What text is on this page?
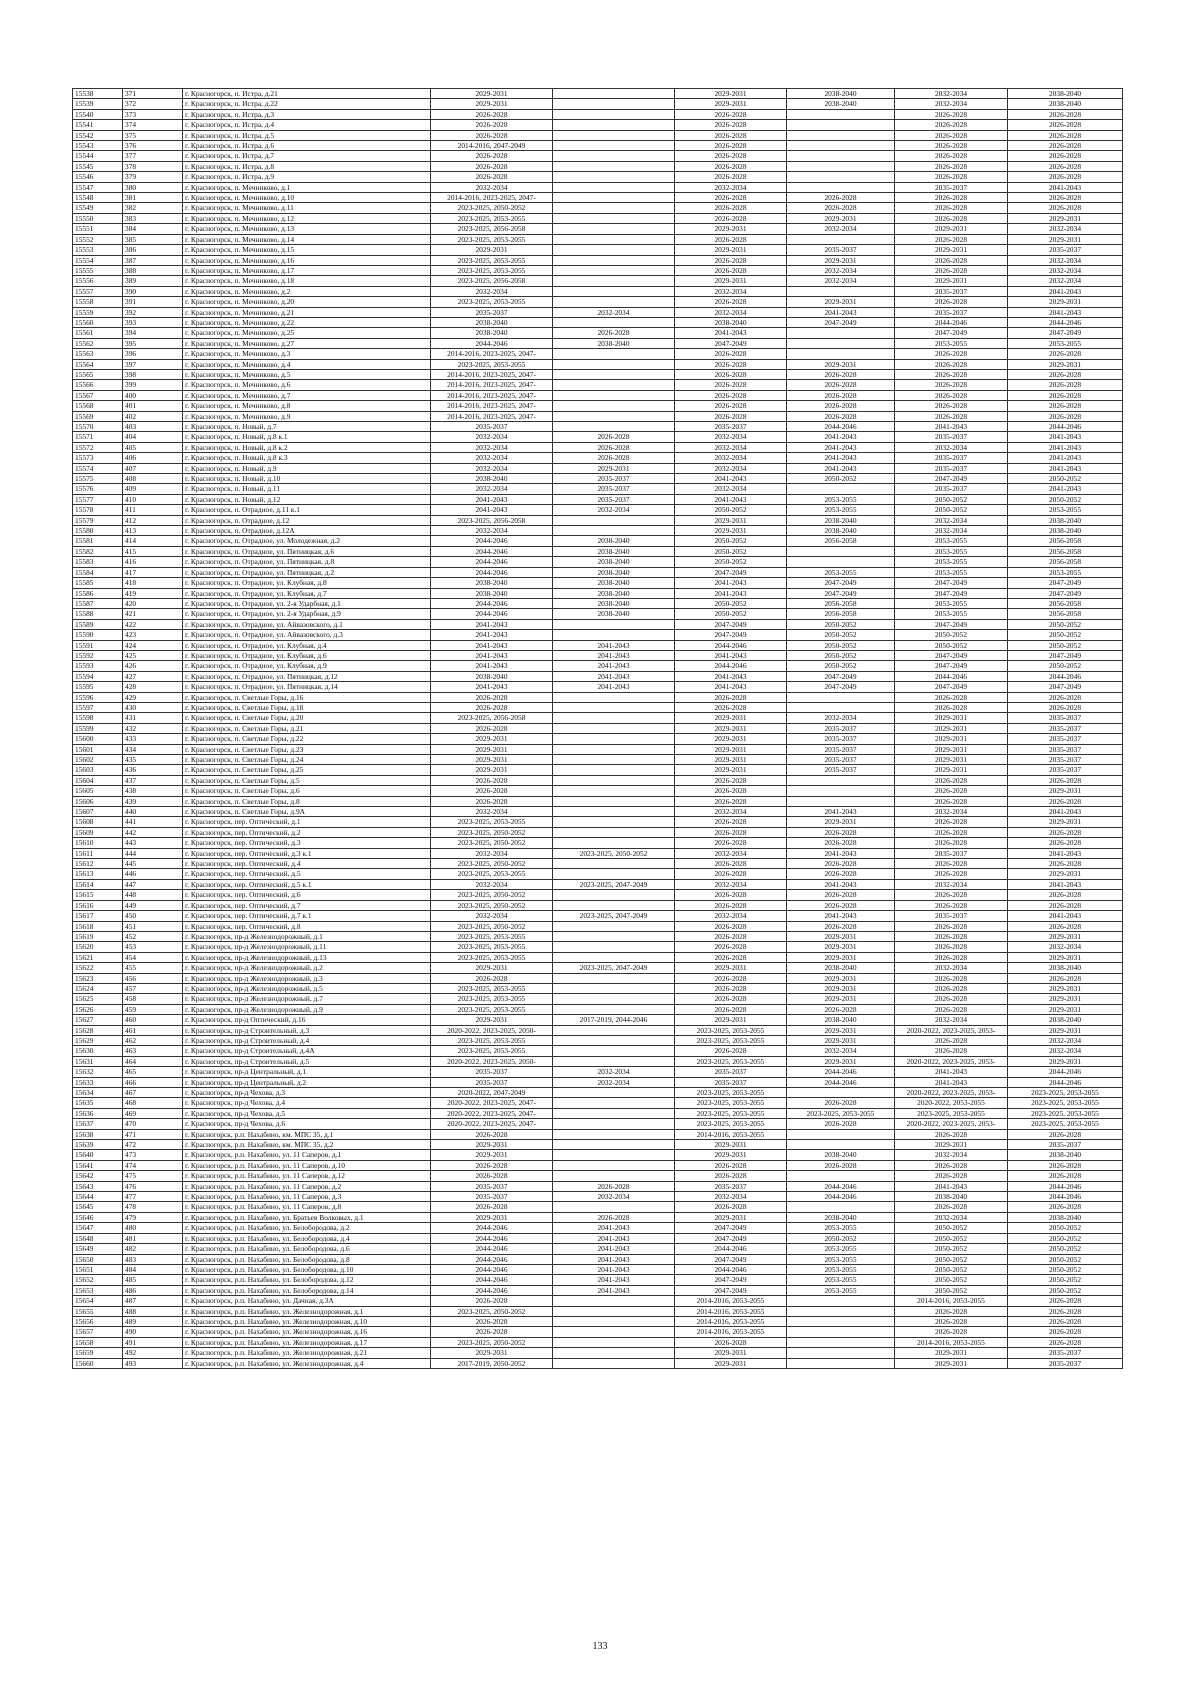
15538	371	г. Красногорск, п. Истра, д.21	2029-2031		2029-2031	2038-2040	2032-2034	2038-2040
15539	372	г. Красногорск, п. Истра, д.22	2029-2031		2029-2031	2038-2040	2032-2034	2038-2040
15540	373	г. Красногорск, п. Истра, д.3	2026-2028		2026-2028		2026-2028	2026-2028
15541	374	г. Красногорск, п. Истра, д.4	2026-2028		2026-2028		2026-2028	2026-2028
15542	375	г. Красногорск, п. Истра, д.5	2026-2028		2026-2028		2026-2028	2026-2028
15543	376	г. Красногорск, п. Истра, д.6	2014-2016, 2047-2049		2026-2028		2026-2028	2026-2028
15544	377	г. Красногорск, п. Истра, д.7	2026-2028		2026-2028		2026-2028	2026-2028
15545	378	г. Красногорск, п. Истра, д.8	2026-2028		2026-2028		2026-2028	2026-2028
15546	379	г. Красногорск, п. Истра, д.9	2026-2028		2026-2028		2026-2028	2026-2028
15547	380	г. Красногорск, п. Мечниково, д.1	2032-2034		2032-2034		2035-2037	2041-2043
15548	381	г. Красногорск, п. Мечниково, д.10	2014-2016, 2023-2025, 2047-		2026-2028	2026-2028	2026-2028	2026-2028
15549	382	г. Красногорск, п. Мечниково, д.11	2023-2025, 2050-2052		2026-2028	2026-2028	2026-2028	2026-2028
15550	383	г. Красногорск, п. Мечниково, д.12	2023-2025, 2053-2055		2026-2028	2029-2031	2026-2028	2029-2031
15551	384	г. Красногорск, п. Мечниково, д.13	2023-2025, 2056-2058		2029-2031	2032-2034	2029-2031	2032-2034
15552	385	г. Красногорск, п. Мечниково, д.14	2023-2025, 2053-2055		2026-2028		2026-2028	2029-2031
15553	386	г. Красногорск, п. Мечниково, д.15	2029-2031		2029-2031	2035-2037	2029-2031	2035-2037
15554	387	г. Красногорск, п. Мечниково, д.16	2023-2025, 2053-2055		2026-2028	2029-2031	2026-2028	2032-2034
15555	388	г. Красногорск, п. Мечниково, д.17	2023-2025, 2053-2055		2026-2028	2032-2034	2026-2028	2032-2034
15556	389	г. Красногорск, п. Мечниково, д.18	2023-2025, 2056-2058		2029-2031	2032-2034	2029-2031	2032-2034
15557	390	г. Красногорск, п. Мечниково, д.2	2032-2034		2032-2034		2035-2037	2041-2043
15558	391	г. Красногорск, п. Мечниково, д.20	2023-2025, 2053-2055		2026-2028	2029-2031	2026-2028	2029-2031
15559	392	г. Красногорск, п. Мечниково, д.21	2035-2037	2032-2034	2032-2034	2041-2043	2035-2037	2041-2043
15560	393	г. Красногорск, п. Мечниково, д.22	2038-2040		2038-2040	2047-2049	2044-2046	2044-2046
15561	394	г. Красногорск, п. Мечниково, д.25	2038-2040	2026-2028	2041-2043		2047-2049	2047-2049
15562	395	г. Красногорск, п. Мечниково, д.27	2044-2046	2038-2040	2047-2049		2053-2055	2053-2055
15563	396	г. Красногорск, п. Мечниково, д.3	2014-2016, 2023-2025, 2047-		2026-2028		2026-2028	2026-2028
15564	397	г. Красногорск, п. Мечниково, д.4	2023-2025, 2053-2055		2026-2028	2029-2031	2026-2028	2029-2031
15565	398	г. Красногорск, п. Мечниково, д.5	2014-2016, 2023-2025, 2047-		2026-2028	2026-2028	2026-2028	2026-2028
15566	399	г. Красногорск, п. Мечниково, д.6	2014-2016, 2023-2025, 2047-		2026-2028	2026-2028	2026-2028	2026-2028
15567	400	г. Красногорск, п. Мечниково, д.7	2014-2016, 2023-2025, 2047-		2026-2028	2026-2028	2026-2028	2026-2028
15568	401	г. Красногорск, п. Мечниково, д.8	2014-2016, 2023-2025, 2047-		2026-2028	2026-2028	2026-2028	2026-2028
15569	402	г. Красногорск, п. Мечниково, д.9	2014-2016, 2023-2025, 2047-		2026-2028	2026-2028	2026-2028	2026-2028
15570	403	г. Красногорск, п. Новый, д.7	2035-2037		2035-2037	2044-2046	2041-2043	2044-2046
15571	404	г. Красногорск, п. Новый, д.8 к.1	2032-2034	2026-2028	2032-2034	2041-2043	2035-2037	2041-2043
15572	405	г. Красногорск, п. Новый, д.8 к.2	2032-2034	2026-2028	2032-2034	2041-2043	2032-2034	2041-2043
15573	406	г. Красногорск, п. Новый, д.8 к.3	2032-2034	2026-2028	2032-2034	2041-2043	2035-2037	2041-2043
15574	407	г. Красногорск, п. Новый, д.9	2032-2034	2029-2031	2032-2034	2041-2043	2035-2037	2041-2043
15575	408	г. Красногорск, п. Новый, д.10	2038-2040	2035-2037	2041-2043	2050-2052	2047-2049	2050-2052
15576	409	г. Красногорск, п. Новый, д.11	2032-2034	2035-2037	2032-2034		2035-2037	2041-2043
15577	410	г. Красногорск, п. Новый, д.12	2041-2043	2035-2037	2041-2043	2053-2055	2050-2052	2050-2052
15578	411	г. Красногорск, п. Отрадное, д.11 к.1	2041-2043	2032-2034	2050-2052	2053-2055	2050-2052	2053-2055
15579	412	г. Красногорск, п. Отрадное, д.12	2023-2025, 2056-2058		2029-2031	2038-2040	2032-2034	2038-2040
15580	413	г. Красногорск, п. Отрадное, д.12А	2032-2034		2029-2031	2038-2040	2032-2034	2038-2040
15581	414	г. Красногорск, п. Отрадное, ул. Молодежная, д.2	2044-2046	2038-2040	2050-2052	2056-2058	2053-2055	2056-2058
15582	415	г. Красногорск, п. Отрадное, ул. Пятницкая, д.6	2044-2046	2038-2040	2050-2052		2053-2055	2056-2058
15583	416	г. Красногорск, п. Отрадное, ул. Пятницкая, д.8	2044-2046	2038-2040	2050-2052		2053-2055	2056-2058
15584	417	г. Красногорск, п. Отрадное, ул. Пятницкая, д.2	2044-2046	2038-2040	2047-2049	2053-2055	2053-2055	2053-2055
15585	418	г. Красногорск, п. Отрадное, ул. Клубная, д.8	2038-2040	2038-2040	2041-2043	2047-2049	2047-2049	2047-2049
15586	419	г. Красногорск, п. Отрадное, ул. Клубная, д.7	2038-2040	2038-2040	2041-2043	2047-2049	2047-2049	2047-2049
15587	420	г. Красногорск, п. Отрадное, ул. 2-я Ударбная, д.1	2044-2046	2038-2040	2050-2052	2056-2058	2053-2055	2056-2058
15588	421	г. Красногорск, п. Отрадное, ул. 2-я Ударбная, д.9	2044-2046	2038-2040	2050-2052	2056-2058	2053-2055	2056-2058
15589	422	г. Красногорск, п. Отрадное, ул. Айвазовского, д.1	2041-2043		2047-2049	2050-2052	2047-2049	2050-2052
15590	423	г. Красногорск, п. Отрадное, ул. Айвазовского, д.3	2041-2043		2047-2049	2050-2052	2050-2052	2050-2052
15591	424	г. Красногорск, п. Отрадное, ул. Клубная, д.4	2041-2043	2041-2043	2044-2046	2050-2052	2050-2052	2050-2052
15592	425	г. Красногорск, п. Отрадное, ул. Клубная, д.6	2041-2043	2041-2043	2041-2043	2050-2052	2047-2049	2047-2049
15593	426	г. Красногорск, п. Отрадное, ул. Клубная, д.9	2041-2043	2041-2043	2044-2046	2050-2052	2047-2049	2050-2052
15594	427	г. Красногорск, п. Отрадное, ул. Пятницкая, д.12	2038-2040	2041-2043	2041-2043	2047-2049	2044-2046	2044-2046
15595	428	г. Красногорск, п. Отрадное, ул. Пятницкая, д.14	2041-2043	2041-2043	2041-2043	2047-2049	2047-2049	2047-2049
15596	429	г. Красногорск, п. Светлые Горы, д.16	2026-2028		2026-2028		2026-2028	2026-2028
15597	430	г. Красногорск, п. Светлые Горы, д.18	2026-2028		2026-2028		2026-2028	2026-2028
15598	431	г. Красногорск, п. Светлые Горы, д.20	2023-2025, 2056-2058		2029-2031	2032-2034	2029-2031	2035-2037
15599	432	г. Красногорск, п. Светлые Горы, д.21	2026-2028		2029-2031	2035-2037	2029-2031	2035-2037
15600	433	г. Красногорск, п. Светлые Горы, д.22	2029-2031		2029-2031	2035-2037	2029-2031	2035-2037
15601	434	г. Красногорск, п. Светлые Горы, д.23	2029-2031		2029-2031	2035-2037	2029-2031	2035-2037
15602	435	г. Красногорск, п. Светлые Горы, д.24	2029-2031		2029-2031	2035-2037	2029-2031	2035-2037
15603	436	г. Красногорск, п. Светлые Горы, д.25	2029-2031		2029-2031	2035-2037	2029-2031	2035-2037
15604	437	г. Красногорск, п. Светлые Горы, д.5	2026-2028		2026-2028		2026-2028	2026-2028
15605	438	г. Красногорск, п. Светлые Горы, д.6	2026-2028		2026-2028		2026-2028	2029-2031
15606	439	г. Красногорск, п. Светлые Горы, д.8	2026-2028		2026-2028		2026-2028	2026-2028
15607	440	г. Красногорск, п. Светлые Горы, д.9А	2032-2034		2032-2034	2041-2043	2032-2034	2041-2043
15608	441	г. Красногорск, пер. Оптический, д.1	2023-2025, 2053-2055		2026-2028	2029-2031	2026-2028	2029-2031
15609	442	г. Красногорск, пер. Оптический, д.2	2023-2025, 2050-2052		2026-2028	2026-2028	2026-2028	2026-2028
15610	443	г. Красногорск, пер. Оптический, д.3	2023-2025, 2050-2052		2026-2028	2026-2028	2026-2028	2026-2028
15611	444	г. Красногорск, пер. Оптический, д.3 к.1	2032-2034	2023-2025, 2050-2052	2032-2034	2041-2043	2035-2037	2041-2043
15612	445	г. Красногорск, пер. Оптический, д.4	2023-2025, 2050-2052		2026-2028	2026-2028	2026-2028	2026-2028
15613	446	г. Красногорск, пер. Оптический, д.5	2023-2025, 2053-2055		2026-2028	2026-2028	2026-2028	2029-2031
15614	447	г. Красногорск, пер. Оптический, д.5 к.1	2032-2034	2023-2025, 2047-2049	2032-2034	2041-2043	2032-2034	2041-2043
15615	448	г. Красногорск, пер. Оптический, д.6	2023-2025, 2050-2052		2026-2028	2026-2028	2026-2028	2026-2028
15616	449	г. Красногорск, пер. Оптический, д.7	2023-2025, 2050-2052		2026-2028	2026-2028	2026-2028	2026-2028
15617	450	г. Красногорск, пер. Оптический, д.7 к.1	2032-2034	2023-2025, 2047-2049	2032-2034	2041-2043	2035-2037	2041-2043
15618	451	г. Красногорск, пер. Оптический, д.8	2023-2025, 2050-2052		2026-2028	2026-2028	2026-2028	2026-2028
15619	452	г. Красногорск, пр-д Железнодорожный, д.1	2023-2025, 2053-2055		2026-2028	2029-2031	2026-2028	2029-2031
15620	453	г. Красногорск, пр-д Железнодорожный, д.11	2023-2025, 2053-2055		2026-2028	2029-2031	2026-2028	2032-2034
15621	454	г. Красногорск, пр-д Железнодорожный, д.13	2023-2025, 2053-2055		2026-2028	2029-2031	2026-2028	2029-2031
15622	455	г. Красногорск, пр-д Железнодорожный, д.2	2029-2031	2023-2025, 2047-2049	2029-2031	2038-2040	2032-2034	2038-2040
15623	456	г. Красногорск, пр-д Железнодорожный, д.3	2026-2028		2026-2028	2029-2031	2026-2028	2026-2028
15624	457	г. Красногорск, пр-д Железнодорожный, д.5	2023-2025, 2053-2055		2026-2028	2029-2031	2026-2028	2029-2031
15625	458	г. Красногорск, пр-д Железнодорожный, д.7	2023-2025, 2053-2055		2026-2028	2029-2031	2026-2028	2029-2031
15626	459	г. Красногорск, пр-д Железнодорожный, д.9	2023-2025, 2053-2055		2026-2028	2026-2028	2026-2028	2029-2031
15627	460	г. Красногорск, пр-д Оптический, д.16	2029-2031	2017-2019, 2044-2046	2029-2031	2038-2040	2032-2034	2038-2040
15628	461	г. Красногорск, пр-д Строительный, д.3	2020-2022, 2023-2025, 2050-		2023-2025, 2053-2055	2029-2031	2020-2022, 2023-2025, 2053-	2029-2031
15629	462	г. Красногорск, пр-д Строительный, д.4	2023-2025, 2053-2055		2023-2025, 2053-2055	2029-2031	2026-2028	2032-2034
15630	463	г. Красногорск, пр-д Строительный, д.4А	2023-2025, 2053-2055		2026-2028	2032-2034	2026-2028	2032-2034
15631	464	г. Красногорск, пр-д Строительный, д.5	2020-2022, 2023-2025, 2050-		2023-2025, 2053-2055	2029-2031	2020-2022, 2023-2025, 2053-	2029-2031
15632	465	г. Красногорск, пр-д Центральный, д.1	2035-2037	2032-2034	2035-2037	2044-2046	2041-2043	2044-2046
15633	466	г. Красногорск, пр-д Центральный, д.2	2035-2037	2032-2034	2035-2037	2044-2046	2041-2043	2044-2046
15634	467	г. Красногорск, пр-д Чехова, д.3	2020-2022, 2047-2049		2023-2025, 2053-2055		2020-2022, 2023-2025, 2053-	2023-2025, 2053-2055
15635	468	г. Красногорск, пр-д Чехова, д.4	2020-2022, 2023-2025, 2047-		2023-2025, 2053-2055	2026-2028	2020-2022, 2053-2055	2023-2025, 2053-2055
15636	469	г. Красногорск, пр-д Чехова, д.5	2020-2022, 2023-2025, 2047-		2023-2025, 2053-2055	2023-2025, 2053-2055	2023-2025, 2053-2055	2023-2025, 2053-2055
15637	470	г. Красногорск, пр-д Чехова, д.6	2020-2022, 2023-2025, 2047-		2023-2025, 2053-2055	2026-2028	2020-2022, 2023-2025, 2053-	2023-2025, 2053-2055
15638	471	г. Красногорск, р.п. Нахабино, км. МПС 35, д.1	2026-2028		2014-2016, 2053-2055		2026-2028	2026-2028
15639	472	г. Красногорск, р.п. Нахабино, км. МПС 35, д.2	2029-2031		2029-2031		2029-2031	2035-2037
15640	473	г. Красногорск, р.п. Нахабино, ул. 11 Саперов, д.1	2029-2031		2029-2031	2038-2040	2032-2034	2038-2040
15641	474	г. Красногорск, р.п. Нахабино, ул. 11 Саперов, д.10	2026-2028		2026-2028	2026-2028	2026-2028	2026-2028
15642	475	г. Красногорск, р.п. Нахабино, ул. 11 Саперов, д.12	2026-2028		2026-2028		2026-2028	2026-2028
15643	476	г. Красногорск, р.п. Нахабино, ул. 11 Саперов, д.2	2035-2037	2026-2028	2035-2037	2044-2046	2041-2043	2044-2046
15644	477	г. Красногорск, р.п. Нахабино, ул. 11 Саперов, д.3	2035-2037	2032-2034	2032-2034	2044-2046	2038-2040	2044-2046
15645	478	г. Красногорск, р.п. Нахабино, ул. 11 Саперов, д.8	2026-2028		2026-2028		2026-2028	2026-2028
15646	479	г. Красногорск, р.п. Нахабино, ул. Братьев Волковых, д.1	2029-2031	2026-2028	2029-2031	2038-2040	2032-2034	2038-2040
15647	480	г. Красногорск, р.п. Нахабино, ул. Белобородова, д.2	2044-2046	2041-2043	2047-2049	2053-2055	2050-2052	2050-2052
15648	481	г. Красногорск, р.п. Нахабино, ул. Белобородова, д.4	2044-2046	2041-2043	2047-2049	2050-2052	2050-2052	2050-2052
15649	482	г. Красногорск, р.п. Нахабино, ул. Белобородова, д.6	2044-2046	2041-2043	2044-2046	2053-2055	2050-2052	2050-2052
15650	483	г. Красногорск, р.п. Нахабино, ул. Белобородова, д.8	2044-2046	2041-2043	2047-2049	2053-2055	2050-2052	2050-2052
15651	484	г. Красногорск, р.п. Нахабино, ул. Белобородова, д.10	2044-2046	2041-2043	2044-2046	2053-2055	2050-2052	2050-2052
15652	485	г. Красногорск, р.п. Нахабино, ул. Белобородова, д.12	2044-2046	2041-2043	2047-2049	2053-2055	2050-2052	2050-2052
15653	486	г. Красногорск, р.п. Нахабино, ул. Белобородова, д.14	2044-2046	2041-2043	2047-2049	2053-2055	2050-2052	2050-2052
15654	487	г. Красногорск, р.п. Нахабино, ул. Дачная, д.3А	2026-2028		2014-2016, 2053-2055		2014-2016, 2053-2055	2026-2028
15655	488	г. Красногорск, р.п. Нахабино, ул. Железнодорожная, д.1	2023-2025, 2050-2052		2014-2016, 2053-2055		2026-2028	2026-2028
15656	489	г. Красногорск, р.п. Нахабино, ул. Железнодорожная, д.10	2026-2028		2014-2016, 2053-2055		2026-2028	2026-2028
15657	490	г. Красногорск, р.п. Нахабино, ул. Железнодорожная, д.16	2026-2028		2014-2016, 2053-2055		2026-2028	2026-2028
15658	491	г. Красногорск, р.п. Нахабино, ул. Железнодорожная, д.17	2023-2025, 2050-2052		2026-2028		2014-2016, 2053-2055	2026-2028
15659	492	г. Красногорск, р.п. Нахабино, ул. Железнодорожная, д.21	2029-2031		2029-2031		2029-2031	2035-2037
15660	493	г. Красногорск, р.п. Нахабино, ул. Железнодорожная, д.4	2017-2019, 2050-2052		2029-2031		2029-2031	2035-2037
133
